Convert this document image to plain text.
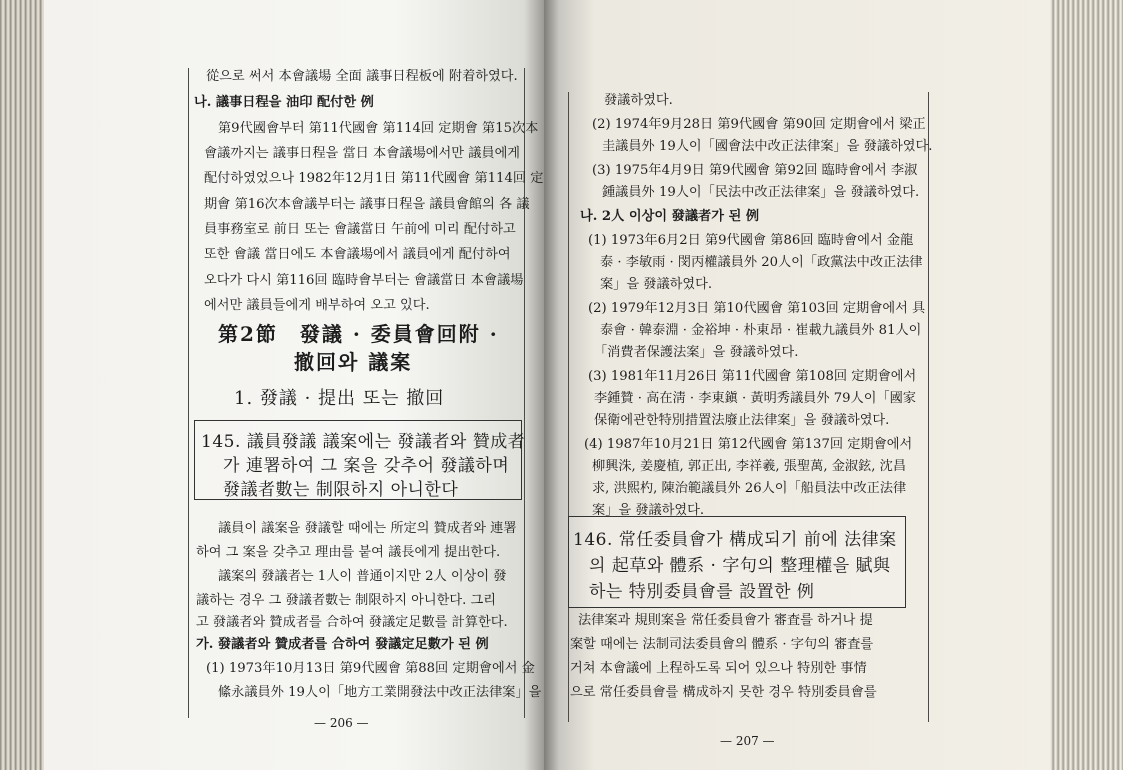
從으로 써서 本會議場 全面 議事日程板에 附着하였다.
나. 議事日程을 油印 配付한 例
第9代國會부터 第11代國會 第114回 定期會 第15次本
會議까지는 議事日程을 當日 本會議場에서만 議員에게
配付하였었으나 1982年12月1日 第11代國會 第114回 定
期會 第16次本會議부터는 議事日程을 議員會館의 各 議
員事務室로 前日 또는 會議當日 午前에 미리 配付하고
또한 會議 當日에도 本會議場에서 議員에게 配付하여
오다가 다시 第116回 臨時會부터는 會議當日 本會議場
에서만 議員들에게 배부하여 오고 있다.
第2節　發議 · 委員會回附 ·
撤回와 議案
1. 發議 · 提出 또는 撤回
145. 議員發議 議案에는 發議者와 贊成者
가 連署하여 그 案을 갖추어 發議하며
發議者數는 制限하지 아니한다
議員이 議案을 發議할 때에는 所定의 贊成者와 連署
하여 그 案을 갖추고 理由를 붙여 議長에게 提出한다.
議案의 發議者는 1人이 普通이지만 2人 이상이 發
議하는 경우 그 發議者數는 制限하지 아니한다. 그리
고 發議者와 贊成者를 合하여 發議定足數를 計算한다.
가. 發議者와 贊成者를 合하여 發議定足數가 된 例
(1) 1973年10月13日 第9代國會 第88回 定期會에서 金
絛永議員外 19人이「地方工業開發法中改正法律案」을
— 206 —
發議하였다.
(2) 1974年9月28日 第9代國會 第90回 定期會에서 梁正
圭議員外 19人이「國會法中改正法律案」을 發議하였다.
(3) 1975年4月9日 第9代國會 第92回 臨時會에서 李淑
鍾議員外 19人이「民法中改正法律案」을 發議하였다.
나. 2人 이상이 發議者가 된 例
(1) 1973年6月2日 第9代國會 第86回 臨時會에서 金龍
泰 · 李敏雨 · 閔丙權議員外 20人이「政黨法中改正法律
案」을 發議하였다.
(2) 1979年12月3日 第10代國會 第103回 定期會에서 具
泰會 · 韓泰淵 · 金裕坤 · 朴東昂 · 崔載九議員外 81人이
「消費者保護法案」을 發議하였다.
(3) 1981年11月26日 第11代國會 第108回 定期會에서
李鍾贊 · 高在淸 · 李東鎭 · 黃明秀議員外 79人이「國家
保衛에관한特別措置法廢止法律案」을 發議하였다.
(4) 1987年10月21日 第12代國會 第137回 定期會에서
柳興洙, 姜慶植, 郭正出, 李祥羲, 張聖萬, 金淑鉉, 沈昌
求, 洪熙杓, 陳治範議員外 26人이「船員法中改正法律
案」을 發議하였다.
146. 常任委員會가 構成되기 前에 法律案
의 起草와 體系 · 字句의 整理權을 賦與
하는 特別委員會를 設置한 例
法律案과 規則案을 常任委員會가 審査를 하거나 提
案할 때에는 法制司法委員會의 體系 · 字句의 審査를
거쳐 本會議에 上程하도록 되어 있으나 特別한 事情
으로 常任委員會를 構成하지 못한 경우 特別委員會를
— 207 —
